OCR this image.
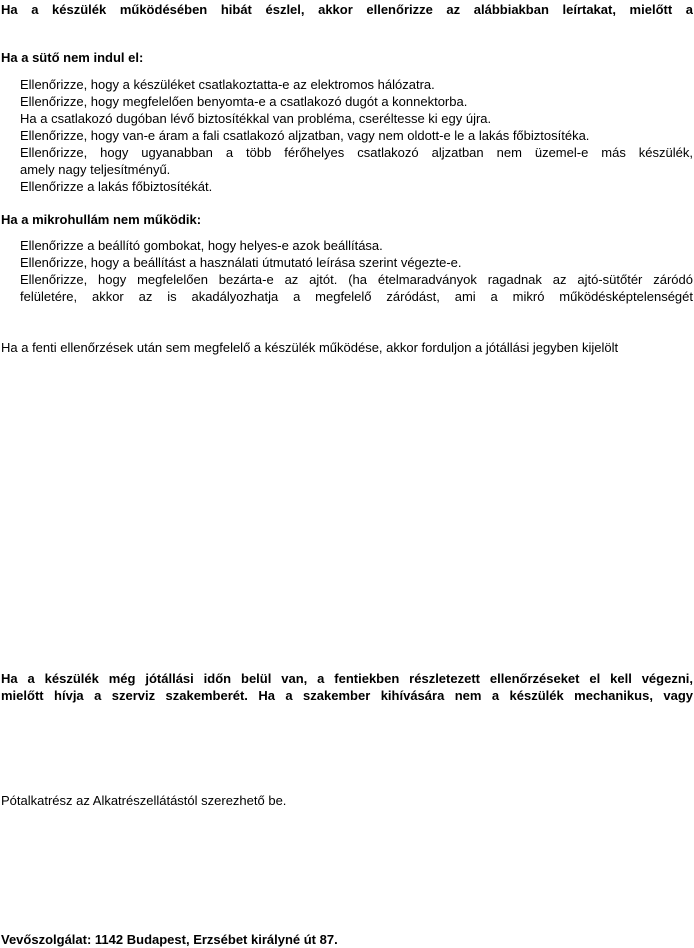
Ha a készülék működésében hibát észlel, akkor ellenőrizze az alábbiakban leírtakat, mielőtt a
Ha a sütő nem indul el:
Ellenőrizze, hogy a készüléket csatlakoztatta-e az elektromos hálózatra.
Ellenőrizze, hogy megfelelően benyomta-e a csatlakozó dugót a konnektorba.
Ha a csatlakozó dugóban lévő biztosítékkal van probléma, cseréltesse ki egy újra.
Ellenőrizze, hogy van-e áram a fali csatlakozó aljzatban, vagy nem oldott-e le a lakás főbiztosítéka.
Ellenőrizze, hogy ugyanabban a több férőhelyes csatlakozó aljzatban nem üzemel-e más készülék,
amely nagy teljesítményű.
Ellenőrizze a lakás főbiztosítékát.
Ha a mikrohullám nem működik:
Ellenőrizze a beállító gombokat, hogy helyes-e azok beállítása.
Ellenőrizze, hogy a beállítást a használati útmutató leírása szerint végezte-e.
Ellenőrizze, hogy megfelelően bezárta-e az ajtót. (ha ételmaradványok ragadnak az ajtó-sütőtér záródó
felületére, akkor az is akadályozhatja a megfelelő záródást, ami a mikró működésképtelenségét
Ha a fenti ellenőrzések után sem megfelelő a készülék működése, akkor forduljon a jótállási jegyben kijelölt
Ha a készülék még jótállási időn belül van, a fentiekben részletezett ellenőrzéseket el kell végezni,
mielőtt hívja a szerviz szakemberét. Ha a szakember kihívására nem a készülék mechanikus, vagy
Pótalkatrész az Alkatrészellátástól szerezhető be.
Vevőszolgálat: 1142 Budapest, Erzsébet királyné út 87.
